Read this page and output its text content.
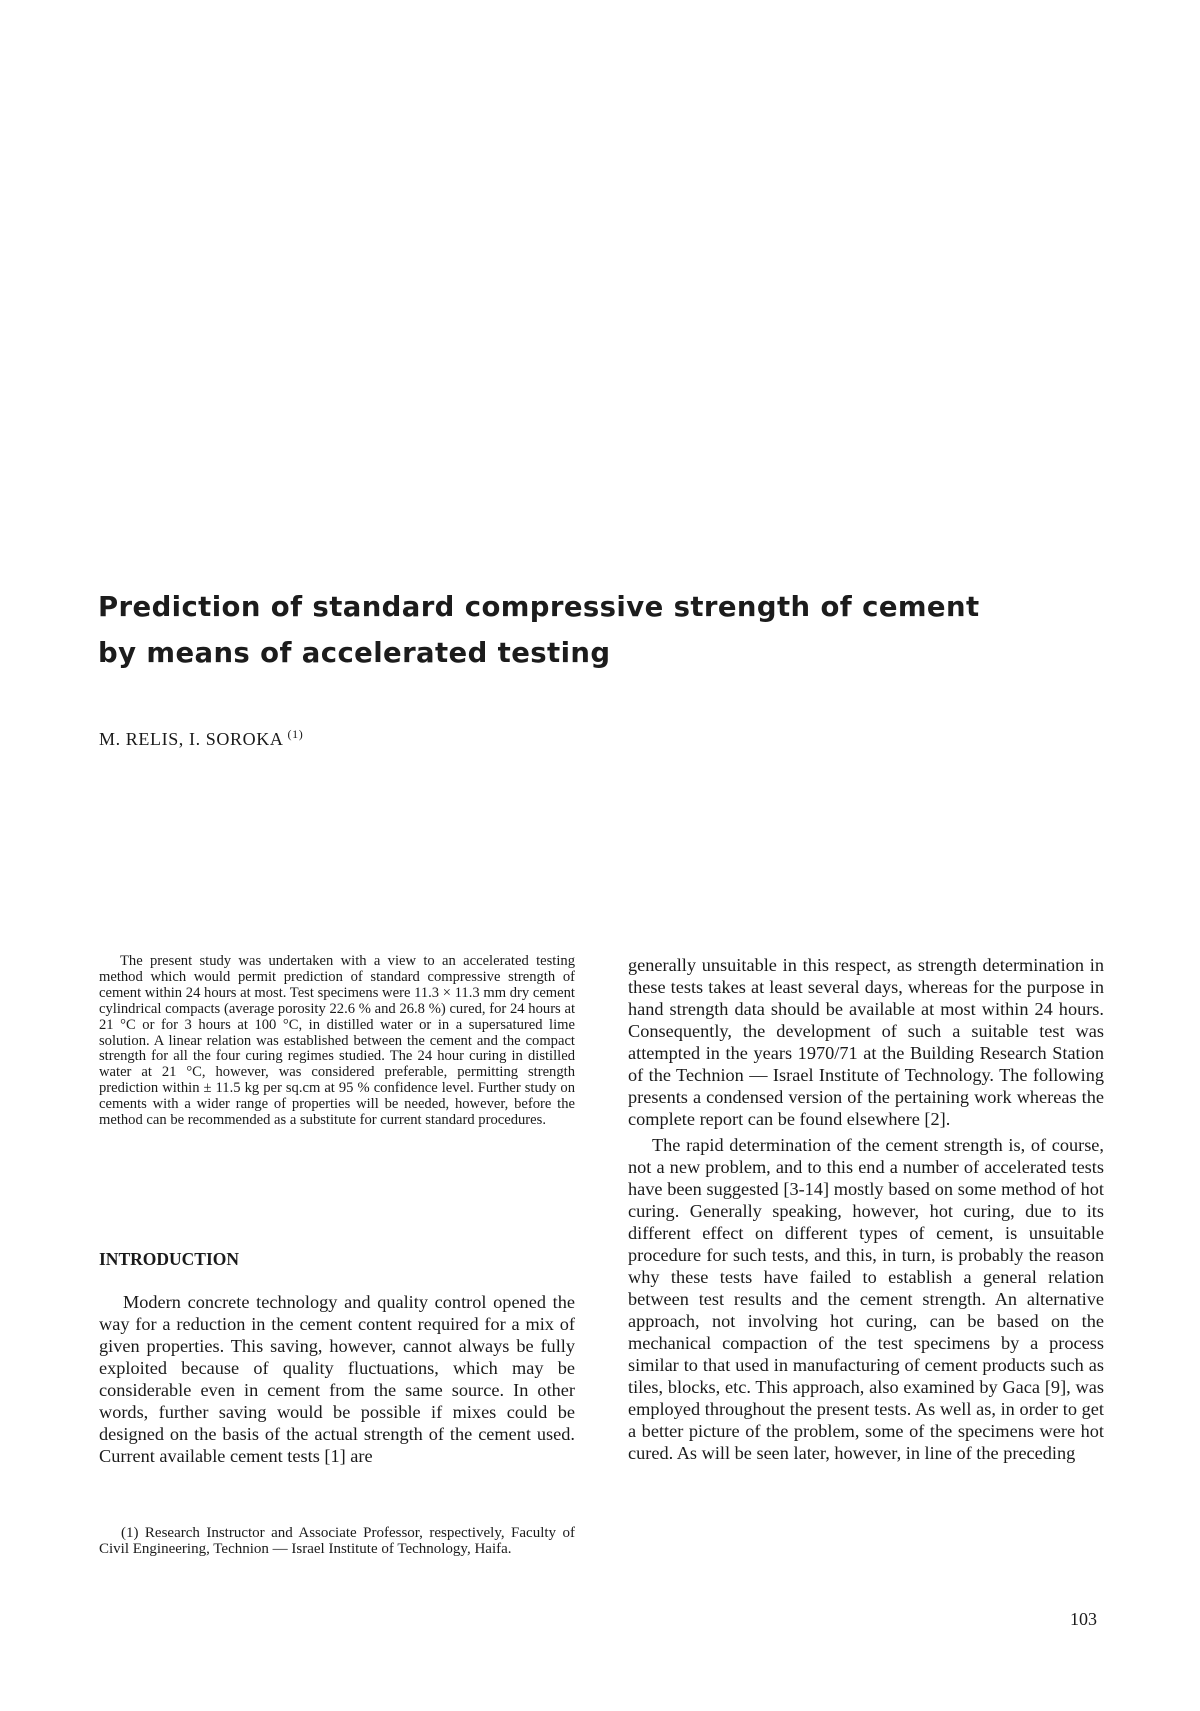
Prediction of standard compressive strength of cement
by means of accelerated testing

M. RELIS, I. SOROKA $^{(1)}$

The present study was undertaken with a view to an accelerated testing method which would permit prediction of standard compressive strength of cement within 24 hours at most. Test specimens were 11.3 × 11.3 mm dry cement cylindrical compacts (average porosity 22.6 % and 26.8 %) cured, for 24 hours at 21 °C or for 3 hours at 100 °C, in distilled water or in a supersatured lime solution. A linear relation was established between the cement and the compact strength for all the four curing regimes studied. The 24 hour curing in distilled water at 21 °C, however, was considered preferable, permitting strength prediction within ± 11.5 kg per sq.cm at 95 % confidence level. Further study on cements with a wider range of properties will be needed, however, before the method can be recommended as a substitute for current standard procedures.

INTRODUCTION

Modern concrete technology and quality control opened the way for a reduction in the cement content required for a mix of given properties. This saving, however, cannot always be fully exploited because of quality fluctuations, which may be considerable even in cement from the same source. In other words, further saving would be possible if mixes could be designed on the basis of the actual strength of the cement used. Current available cement tests [1] are

(1) Research Instructor and Associate Professor, respectively, Faculty of Civil Engineering, Technion — Israel Institute of Technology, Haifa.

generally unsuitable in this respect, as strength determination in these tests takes at least several days, whereas for the purpose in hand strength data should be available at most within 24 hours. Consequently, the development of such a suitable test was attempted in the years 1970/71 at the Building Research Station of the Technion — Israel Institute of Technology. The following presents a condensed version of the pertaining work whereas the complete report can be found elsewhere [2].

The rapid determination of the cement strength is, of course, not a new problem, and to this end a number of accelerated tests have been suggested [3-14] mostly based on some method of hot curing. Generally speaking, however, hot curing, due to its different effect on different types of cement, is unsuitable procedure for such tests, and this, in turn, is probably the reason why these tests have failed to establish a general relation between test results and the cement strength. An alternative approach, not involving hot curing, can be based on the mechanical compaction of the test specimens by a process similar to that used in manufacturing of cement products such as tiles, blocks, etc. This approach, also examined by Gaca [9], was employed throughout the present tests. As well as, in order to get a better picture of the problem, some of the specimens were hot cured. As will be seen later, however, in line of the preceding

103
